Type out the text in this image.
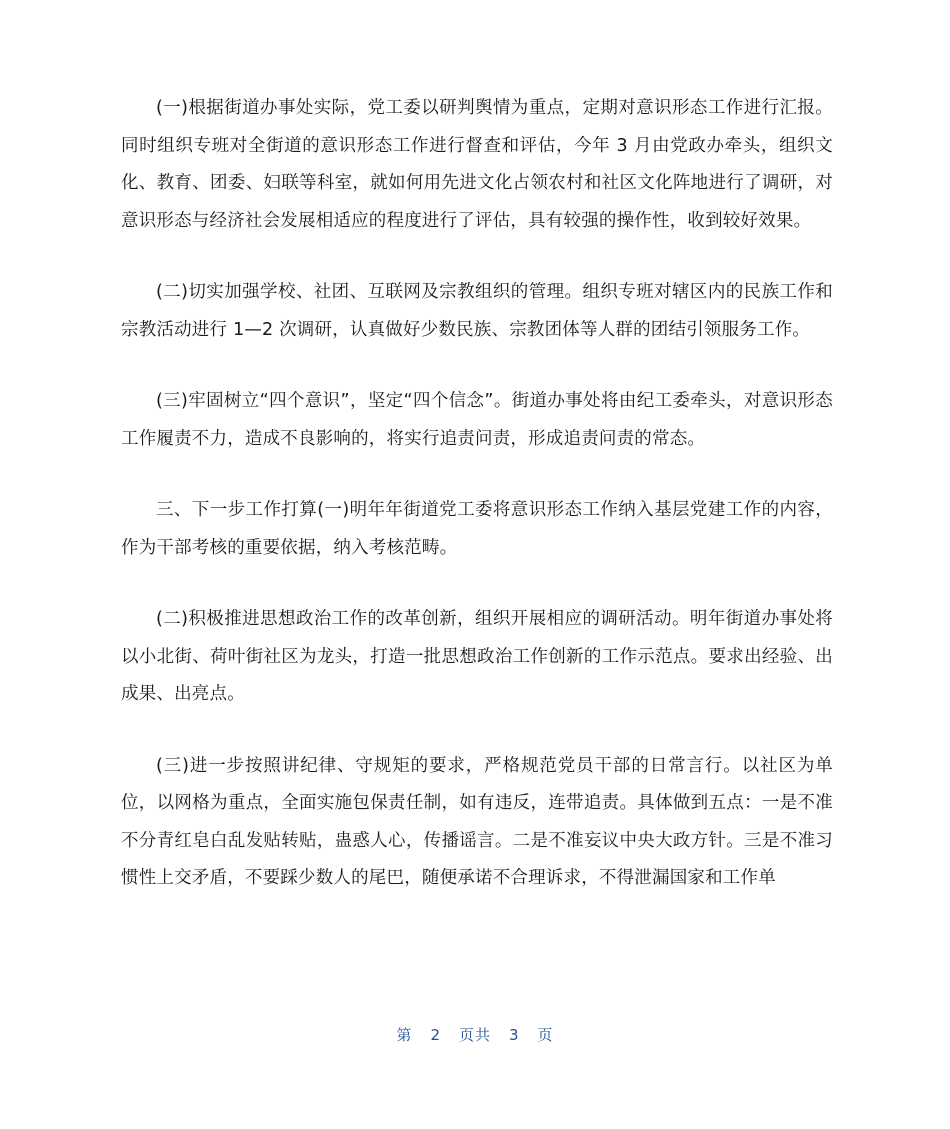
(一)根据街道办事处实际，党工委以研判舆情为重点，定期对意识形态工作进行汇报。同时组织专班对全街道的意识形态工作进行督查和评估，今年 3 月由党政办牵头，组织文化、教育、团委、妇联等科室，就如何用先进文化占领农村和社区文化阵地进行了调研，对意识形态与经济社会发展相适应的程度进行了评估，具有较强的操作性，收到较好效果。

(二)切实加强学校、社团、互联网及宗教组织的管理。组织专班对辖区内的民族工作和宗教活动进行 1—2 次调研，认真做好少数民族、宗教团体等人群的团结引领服务工作。

(三)牢固树立“四个意识”，坚定“四个信念”。街道办事处将由纪工委牵头，对意识形态工作履责不力，造成不良影响的，将实行追责问责，形成追责问责的常态。

三、下一步工作打算(一)明年年街道党工委将意识形态工作纳入基层党建工作的内容，作为干部考核的重要依据，纳入考核范畴。

(二)积极推进思想政治工作的改革创新，组织开展相应的调研活动。明年街道办事处将以小北街、荷叶街社区为龙头，打造一批思想政治工作创新的工作示范点。要求出经验、出成果、出亮点。

(三)进一步按照讲纪律、守规矩的要求，严格规范党员干部的日常言行。以社区为单位，以网格为重点，全面实施包保责任制，如有违反，连带追责。具体做到五点：一是不准不分青红皂白乱发贴转贴，蛊惑人心，传播谣言。二是不准妄议中央大政方针。三是不准习惯性上交矛盾，不要踩少数人的尾巴，随便承诺不合理诉求，不得泄漏国家和工作单

第 2 页共 3 页
